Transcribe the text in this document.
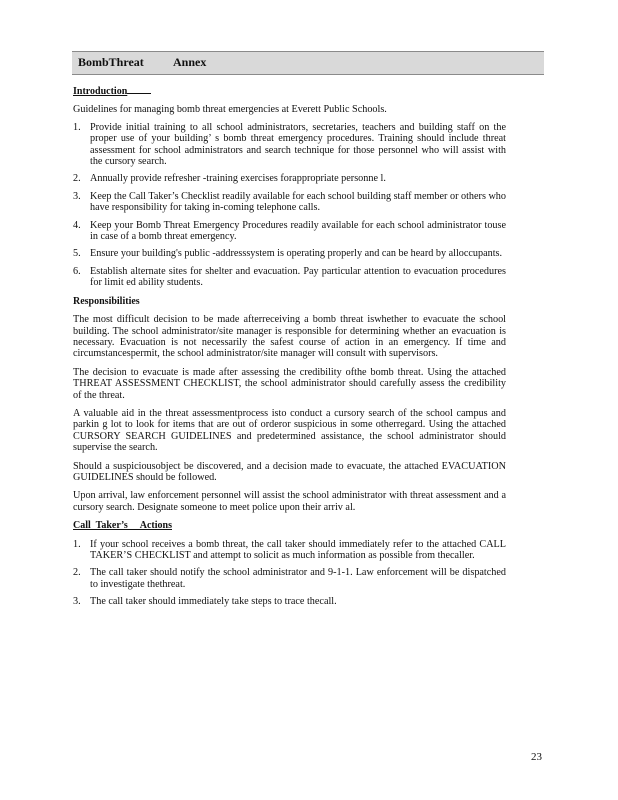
BombThreat Annex
Introduction

Guidelines for managing bomb threat emergencies at Everett Public Schools.

1. Provide initial training to all school administrators, secretaries, teachers and building staff on the proper use of your building’ s bomb threat emergency procedures. Training should include threat assessment for school administrators and search technique for those personnel who will assist with the cursory search.
2. Annually provide refresher -training exercises forappropriate personne l.
3. Keep the Call Taker’s Checklist readily available for each school building staff member or others who have responsibility for taking in-coming telephone calls.
4. Keep your Bomb Threat Emergency Procedures readily available for each school administrator touse in case of a bomb threat emergency.
5. Ensure your building's public -addresssystem is operating properly and can be heard by alloccupants.
6. Establish alternate sites for shelter and evacuation. Pay particular attention to evacuation procedures for limit ed ability students.
Responsibilities

The most difficult decision to be made afterreceiving a bomb threat iswhether to evacuate the school building. The school administrator/site manager is responsible for determining whether an evacuation is necessary. Evacuation is not necessarily the safest course of action in an emergency. If time and circumstancespermit, the school administrator/site manager will consult with supervisors.

The decision to evacuate is made after assessing the credibility ofthe bomb threat. Using the attached THREAT ASSESSMENT CHECKLIST, the school administrator should carefully assess the credibility of the threat.

A valuable aid in the threat assessmentprocess isto conduct a cursory search of the school campus and parkin g lot to look for items that are out of orderor suspicious in some otherregard. Using the attached CURSORY SEARCH GUIDELINES and predetermined assistance, the school administrator should supervise the search.

Should a suspiciousobject be discovered, and a decision made to evacuate, the attached EVACUATION GUIDELINES should be followed.

Upon arrival, law enforcement personnel will assist the school administrator with threat assessment and a cursory search. Designate someone to meet police upon their arriv al.

Call  Taker’s     Actions
1. If your school receives a bomb threat, the call taker should immediately refer to the attached CALL TAKER’S CHECKLIST and attempt to solicit as much information as possible from thecaller.
2. The call taker should notify the school administrator and 9-1-1. Law enforcement will be dispatched to investigate thethreat.
3. The call taker should immediately take steps to trace thecall.
23
